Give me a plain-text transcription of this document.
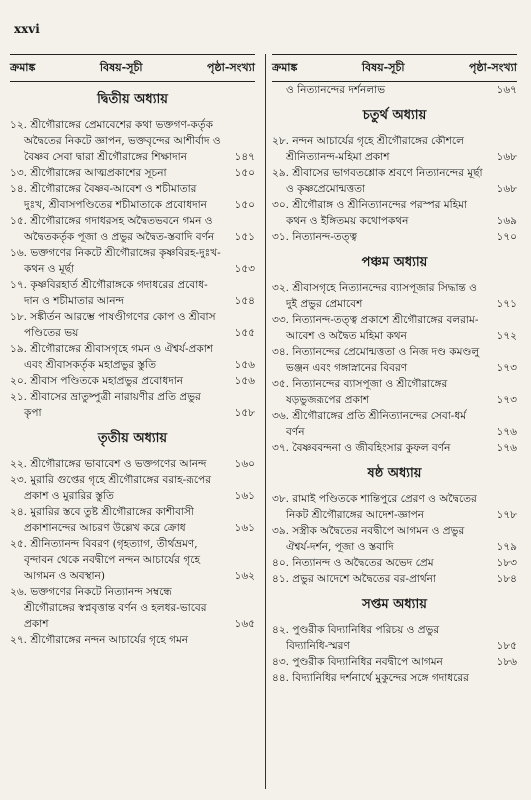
xxvi
ক্রমাঙ্ক	বিষয়-সূচী	পৃষ্ঠা-সংখ্যা
দ্বিতীয় অধ্যায়
১২. শ্রীগৌরাঙ্গের প্রেমাবেশের কথা ভক্তগণ-কর্তৃক অদ্বৈতের নিকটে জ্ঞাপন, ভক্তবৃন্দের আশীর্বাদ ও বৈষ্ণব সেবা দ্বারা শ্রীগৌরাঙ্গের শিক্ষাদান	১৪৭
১৩. শ্রীগৌরাঙ্গের আত্মপ্রকাশের সূচনা	১৫০
১৪. শ্রীগৌরাঙ্গের বৈষ্ণব-আবেশ ও শচীমাতার দুঃখ, শ্রীবাসপণ্ডিতের শচীমাতাকে প্রবোধদান	১৫০
১৫. শ্রীগৌরাঙ্গের গদাধরসহ অদ্বৈতভবনে গমন ও অদ্বৈতকর্তৃক পূজা ও প্রভুর অদ্বৈত-স্তবাদি বর্ণন	১৫১
১৬. ভক্তগণের নিকটে শ্রীগৌরাঙ্গের কৃষ্ণবিরহ-দুঃখ-কথন ও মূর্ছা	১৫৩
১৭. কৃষ্ণবিরহার্ত শ্রীগৌরাঙ্গকে গদাধরের প্রবোধ-দান ও শচীমাতার আনন্দ	১৫৪
১৮. সঙ্কীর্তন আরম্ভে পাষণ্ডীগণের কোপ ও শ্রীবাস পণ্ডিতের ভয়	১৫৫
১৯. শ্রীগৌরাঙ্গের শ্রীবাসগৃহে গমন ও ঐশ্বর্য-প্রকাশ এবং শ্রীবাসকর্তৃক মহাপ্রভুর স্তুতি	১৫৬
২০. শ্রীবাস পণ্ডিতকে মহাপ্রভুর প্রবোধদান	১৫৬
২১. শ্রীবাসের ভ্রাতুষ্পুত্রী নারায়ণীর প্রতি প্রভুর কৃপা	১৫৮
তৃতীয় অধ্যায়
২২. শ্রীগৌরাঙ্গের ভাবাবেশ ও ভক্তগণের আনন্দ	১৬০
২৩. মুরারি গুপ্তের গৃহে শ্রীগৌরাঙ্গের বরাহ-রূপের প্রকাশ ও মুরারির স্তুতি	১৬১
২৪. মুরারির স্তবে তুষ্ট শ্রীগৌরাঙ্গের কাশীবাসী প্রকাশানন্দের আচরণ উল্লেখ করে ক্রোধ	১৬১
২৫. শ্রীনিত্যানন্দ বিবরণ (গৃহত্যাগ, তীর্থভ্রমণ, বৃন্দাবন থেকে নবদ্বীপে নন্দন আচার্যের গৃহে আগমন ও অবস্থান)	১৬২
২৬. ভক্তগণের নিকটে নিত্যানন্দ সম্বন্ধে শ্রীগৌরাঙ্গের স্বপ্নবৃত্তান্ত বর্ণন ও হলধর-ভাবের প্রকাশ	১৬৫
২৭. শ্রীগৌরাঙ্গের নন্দন আচার্যের গৃহে গমন
ক্রমাঙ্ক	বিষয়-সূচী	পৃষ্ঠা-সংখ্যা
ও নিত্যানন্দের দর্শনলাভ	১৬৭
চতুর্থ অধ্যায়
২৮. নন্দন আচার্যের গৃহে শ্রীগৌরাঙ্গের কৌশলে শ্রীনিত্যানন্দ-মহিমা প্রকাশ	১৬৮
২৯. শ্রীবাসের ভাগবতশ্লোক শ্রবণে নিত্যানন্দের মূর্ছা ও কৃষ্ণপ্রেমোন্মত্ততা	১৬৮
৩০. শ্রীগৌরাঙ্গ ও শ্রীনিত্যানন্দের পরস্পর মহিমা কথন ও ইঙ্গিতময় কথোপকথন	১৬৯
৩১. নিত্যানন্দ-তত্ত্ব	১৭০
পঞ্চম অধ্যায়
৩২. শ্রীবাসগৃহে নিত্যানন্দের ব্যাসপূজার সিদ্ধান্ত ও দুই প্রভুর প্রেমাবেশ	১৭১
৩৩. নিত্যানন্দ-তত্ত্ব প্রকাশে শ্রীগৌরাঙ্গের বলরাম-আবেশ ও অদ্বৈত মহিমা কথন	১৭২
৩৪. নিত্যানন্দের প্রেমোন্মত্ততা ও নিজ দণ্ড কমণ্ডলু ভঞ্জন এবং গঙ্গাস্নানের বিবরণ	১৭৩
৩৫. নিত্যানন্দের ব্যাসপূজা ও শ্রীগৌরাঙ্গের ষড়ভুজরূপের প্রকাশ	১৭৩
৩৬. শ্রীগৌরাঙ্গের প্রতি শ্রীনিত্যানন্দের সেবা-ধর্ম বর্ণন	১৭৬
৩৭. বৈষ্ণববন্দনা ও জীবহিংসার কুফল বর্ণন	১৭৬
ষষ্ঠ অধ্যায়
৩৮. রামাই পণ্ডিতকে শান্তিপুরে প্রেরণ ও অদ্বৈতের নিকট শ্রীগৌরাঙ্গের আদেশ-জ্ঞাপন	১৭৮
৩৯. সস্ত্রীক অদ্বৈতের নবদ্বীপে আগমন ও প্রভুর ঐশ্বর্য-দর্শন, পূজা ও স্তবাদি	১৭৯
৪০. নিত্যানন্দ ও অদ্বৈতের অভেদ প্রেম	১৮৩
৪১. প্রভুর আদেশে অদ্বৈতের বর-প্রার্থনা	১৮৪
সপ্তম অধ্যায়
৪২. পুণ্ডরীক বিদ্যানিধির পরিচয় ও প্রভুর বিদ্যানিধি-স্মরণ	১৮৫
৪৩. পুণ্ডরীক বিদ্যানিধির নবদ্বীপে আগমন	১৮৬
৪৪. বিদ্যানিধির দর্শনার্থে মুকুন্দের সঙ্গে গদাধরের
